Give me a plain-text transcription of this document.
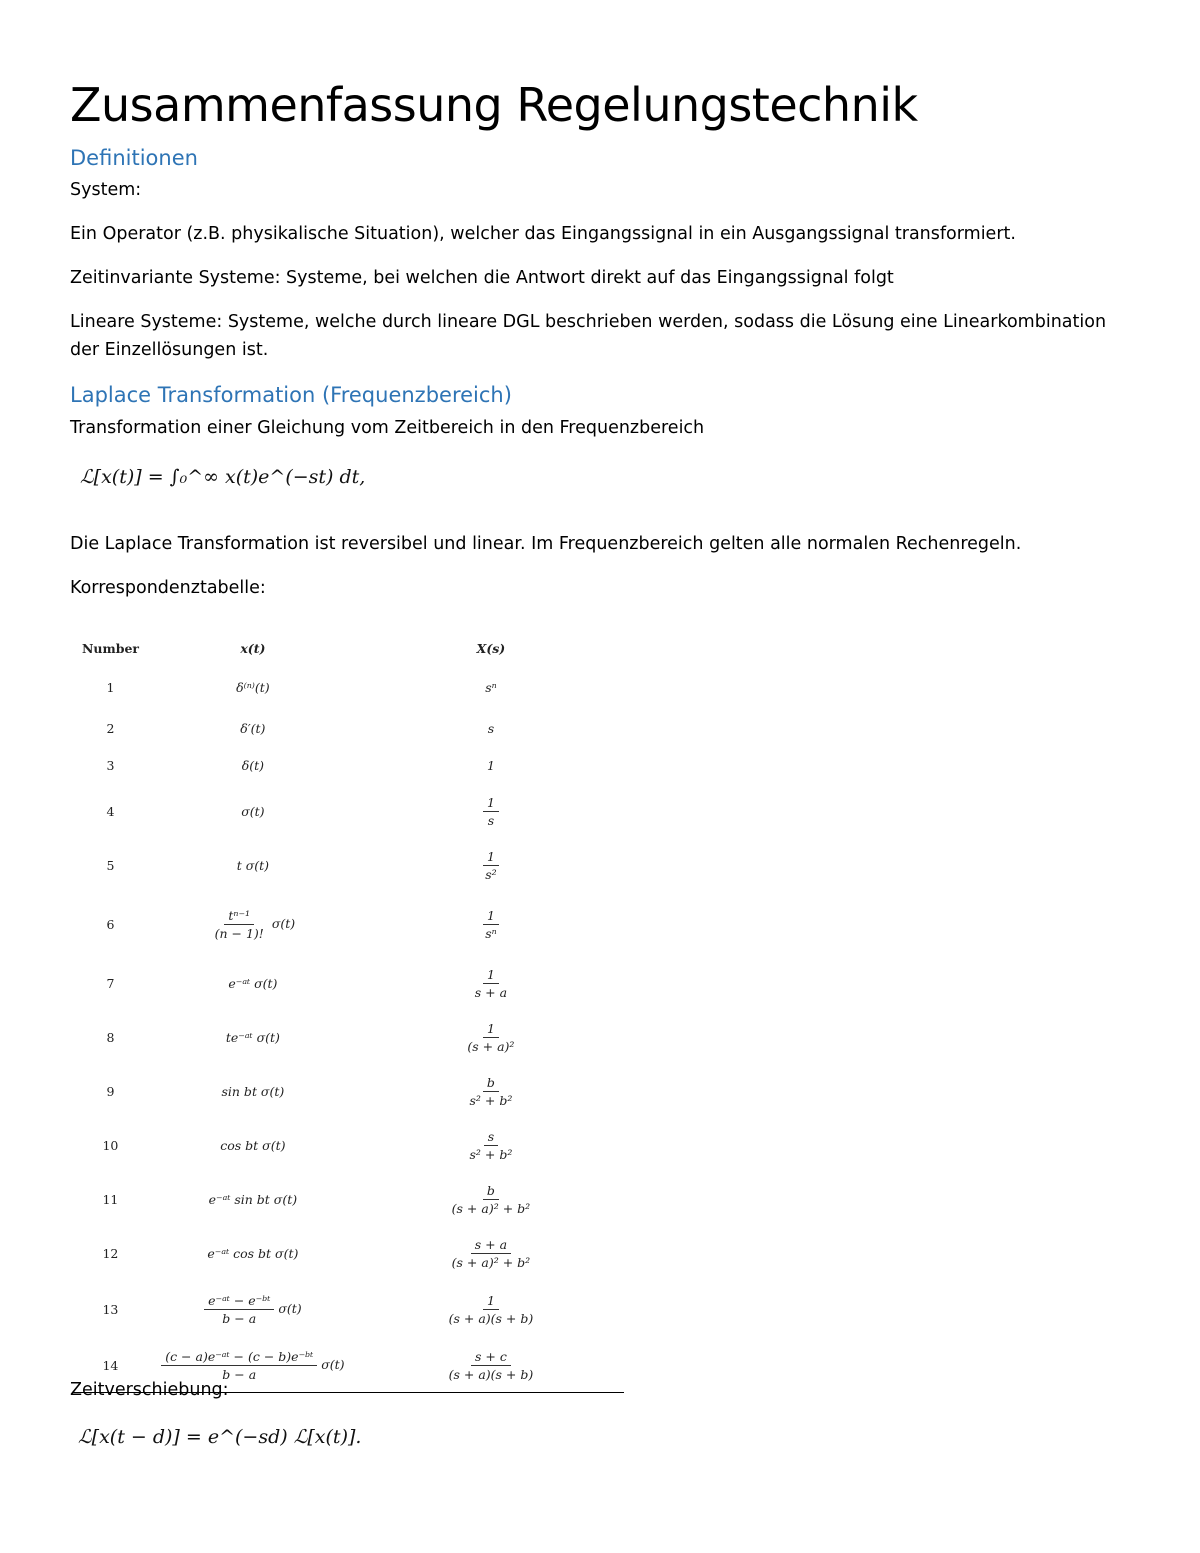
Zusammenfassung Regelungstechnik
Definitionen

System:

Ein Operator (z.B. physikalische Situation), welcher das Eingangssignal in ein Ausgangssignal transformiert.

Zeitinvariante Systeme: Systeme, bei welchen die Antwort direkt auf das Eingangssignal folgt

Lineare Systeme: Systeme, welche durch lineare DGL beschrieben werden, sodass die Lösung eine Linearkombination der Einzellösungen ist.

Laplace Transformation (Frequenzbereich)

Transformation einer Gleichung vom Zeitbereich in den Frequenzbereich

ℒ[x(t)] = ∫₀^∞ x(t)e^(−st) dt,

Die Laplace Transformation ist reversibel und linear. Im Frequenzbereich gelten alle normalen Rechenregeln.

Korrespondenztabelle:

Number	x(t)	X(s)
1	δ⁽ⁿ⁾(t)	sⁿ
2	δ′(t)	s
3	δ(t)	1
4	σ(t)	$\frac{1}{s}$

5	t σ(t)	$\frac{1}{\text{s²}}$

6	$\frac{\text{tⁿ⁻¹}}{(n - 1)!} \sigma(t)$	$\frac{1}{\text{sⁿ}}$

7	e⁻ᵃᵗ σ(t)	$\frac{1}{s + a}$

8	te⁻ᵃᵗ σ(t)	$\frac{1}{\text{(s + a)²}}$

9	sin bt σ(t)	$\frac{b}{\text{s² + b²}}$

10	cos bt σ(t)	$\frac{s}{\text{s² + b²}}$

11	e⁻ᵃᵗ sin bt σ(t)	$\frac{b}{\text{(s + a)² + b²}}$

12	e⁻ᵃᵗ cos bt σ(t)	$\frac{s + a}{\text{(s + a)² + b²}}$

13	$\frac{\text{e⁻ᵃᵗ − e⁻ᵇᵗ}}{b - a} \sigma(t)$	$\frac{1}{(s + a)(s + b)}$

14	$\frac{\text{(c − a)e⁻ᵃᵗ − (c − b)e⁻ᵇᵗ}}{b - a} \sigma(t)$	$\frac{s + c}{(s + a)(s + b)}$

Zeitverschiebung:

ℒ[x(t − d)] = e^(−sd) ℒ[x(t)].
